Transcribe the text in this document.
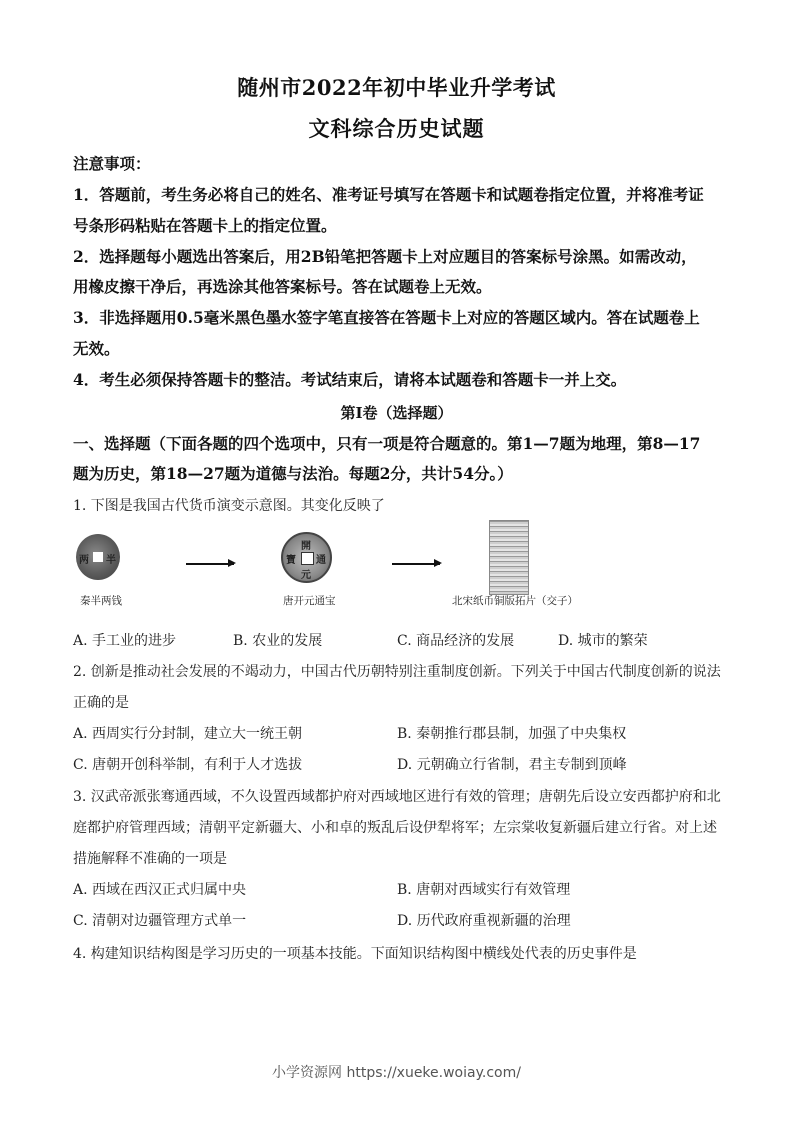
随州市2022年初中毕业升学考试
文科综合历史试题
注意事项：
1．答题前，考生务必将自己的姓名、准考证号填写在答题卡和试题卷指定位置，并将准考证
号条形码粘贴在答题卡上的指定位置。
2．选择题每小题选出答案后，用2B铅笔把答题卡上对应题目的答案标号涂黑。如需改动，
用橡皮擦干净后，再选涂其他答案标号。答在试题卷上无效。
3．非选择题用0.5毫米黑色墨水签字笔直接答在答题卡上对应的答题区域内。答在试题卷上
无效。
4．考生必须保持答题卡的整洁。考试结束后，请将本试题卷和答题卡一并上交。
第I卷（选择题）
一、选择题（下面各题的四个选项中，只有一项是符合题意的。第1—7题为地理，第8—17
题为历史，第18—27题为道德与法治。每题2分，共计54分。）
1. 下图是我国古代货币演变示意图。其变化反映了
两 半
秦半两钱
開
通
元
寶
唐开元通宝	北宋纸币铜版拓片（交子）
A. 手工业的进步	B. 农业的发展	C. 商品经济的发展	D. 城市的繁荣
2. 创新是推动社会发展的不竭动力，中国古代历朝特别注重制度创新。下列关于中国古代制度创新的说法
正确的是
A. 西周实行分封制，建立大一统王朝	B. 秦朝推行郡县制，加强了中央集权
C. 唐朝开创科举制，有利于人才选拔	D. 元朝确立行省制，君主专制到顶峰
3. 汉武帝派张骞通西域，不久设置西域都护府对西域地区进行有效的管理；唐朝先后设立安西都护府和北
庭都护府管理西域；清朝平定新疆大、小和卓的叛乱后设伊犁将军；左宗棠收复新疆后建立行省。对上述
措施解释不准确的一项是
A. 西域在西汉正式归属中央	B. 唐朝对西域实行有效管理
C. 清朝对边疆管理方式单一	D. 历代政府重视新疆的治理
4. 构建知识结构图是学习历史的一项基本技能。下面知识结构图中横线处代表的历史事件是
小学资源网 https://xueke.woiay.com/
